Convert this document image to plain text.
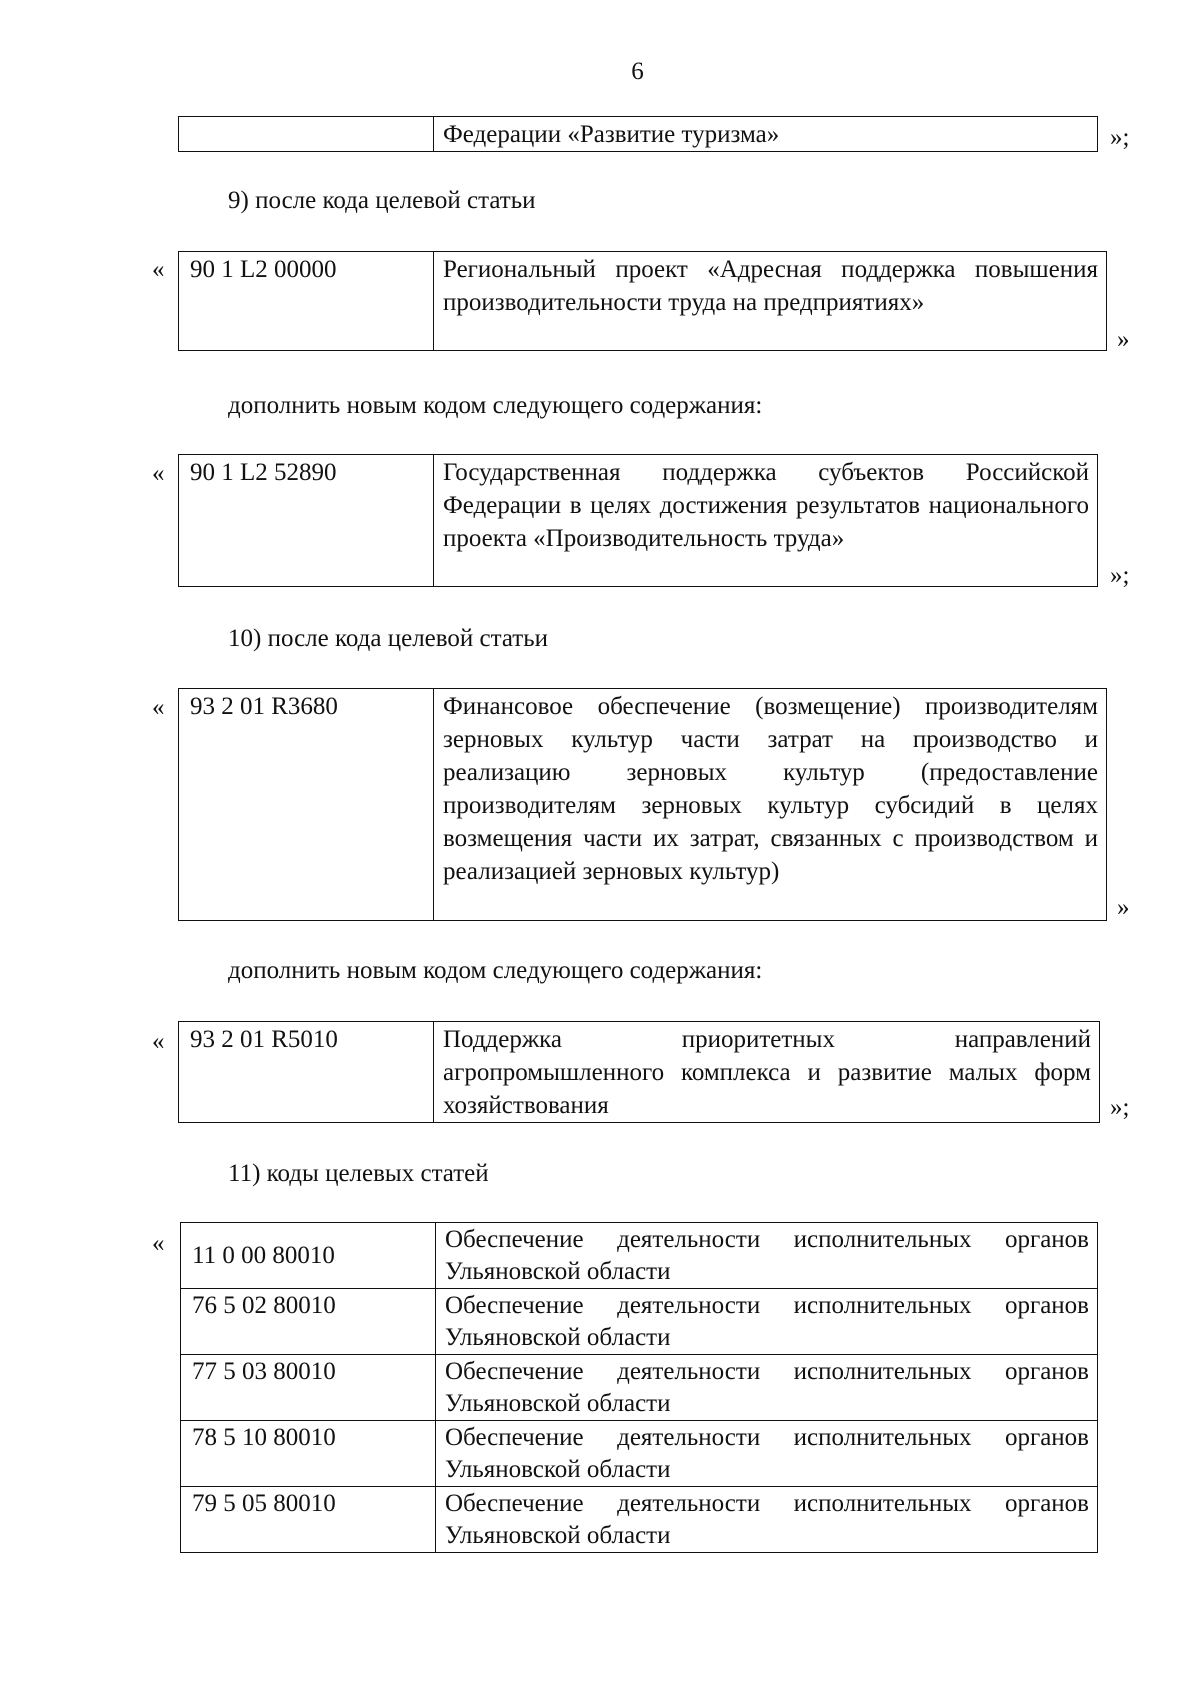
6
	Федерации «Развитие туризма»	»;
9) после кода целевой статьи
« 90 1 L2 00000	Региональный проект «Адресная поддержка повышения производительности труда на предприятиях»
»
дополнить новым кодом следующего содержания:
« 90 1 L2 52890	Государственная поддержка субъектов Российской Федерации в целях достижения результатов национального проекта «Производительность труда»
»;
10) после кода целевой статьи
« 93 2 01 R3680	Финансовое обеспечение (возмещение) производителям зерновых культур части затрат на производство и реализацию зерновых культур (предоставление производителям зерновых культур субсидий в целях возмещения части их затрат, связанных с производством и реализацией зерновых культур)
»
дополнить новым кодом следующего содержания:
« 93 2 01 R5010	Поддержка приоритетных направлений агропромышленного комплекса и развитие малых форм хозяйствования	»;
11) коды целевых статей
« 11 0 00 80010	Обеспечение деятельности исполнительных органов Ульяновской области

76 5 02 80010	Обеспечение деятельности исполнительных органов Ульяновской области

77 5 03 80010	Обеспечение деятельности исполнительных органов Ульяновской области

78 5 10 80010	Обеспечение деятельности исполнительных органов Ульяновской области

79 5 05 80010	Обеспечение деятельности исполнительных органов Ульяновской области
